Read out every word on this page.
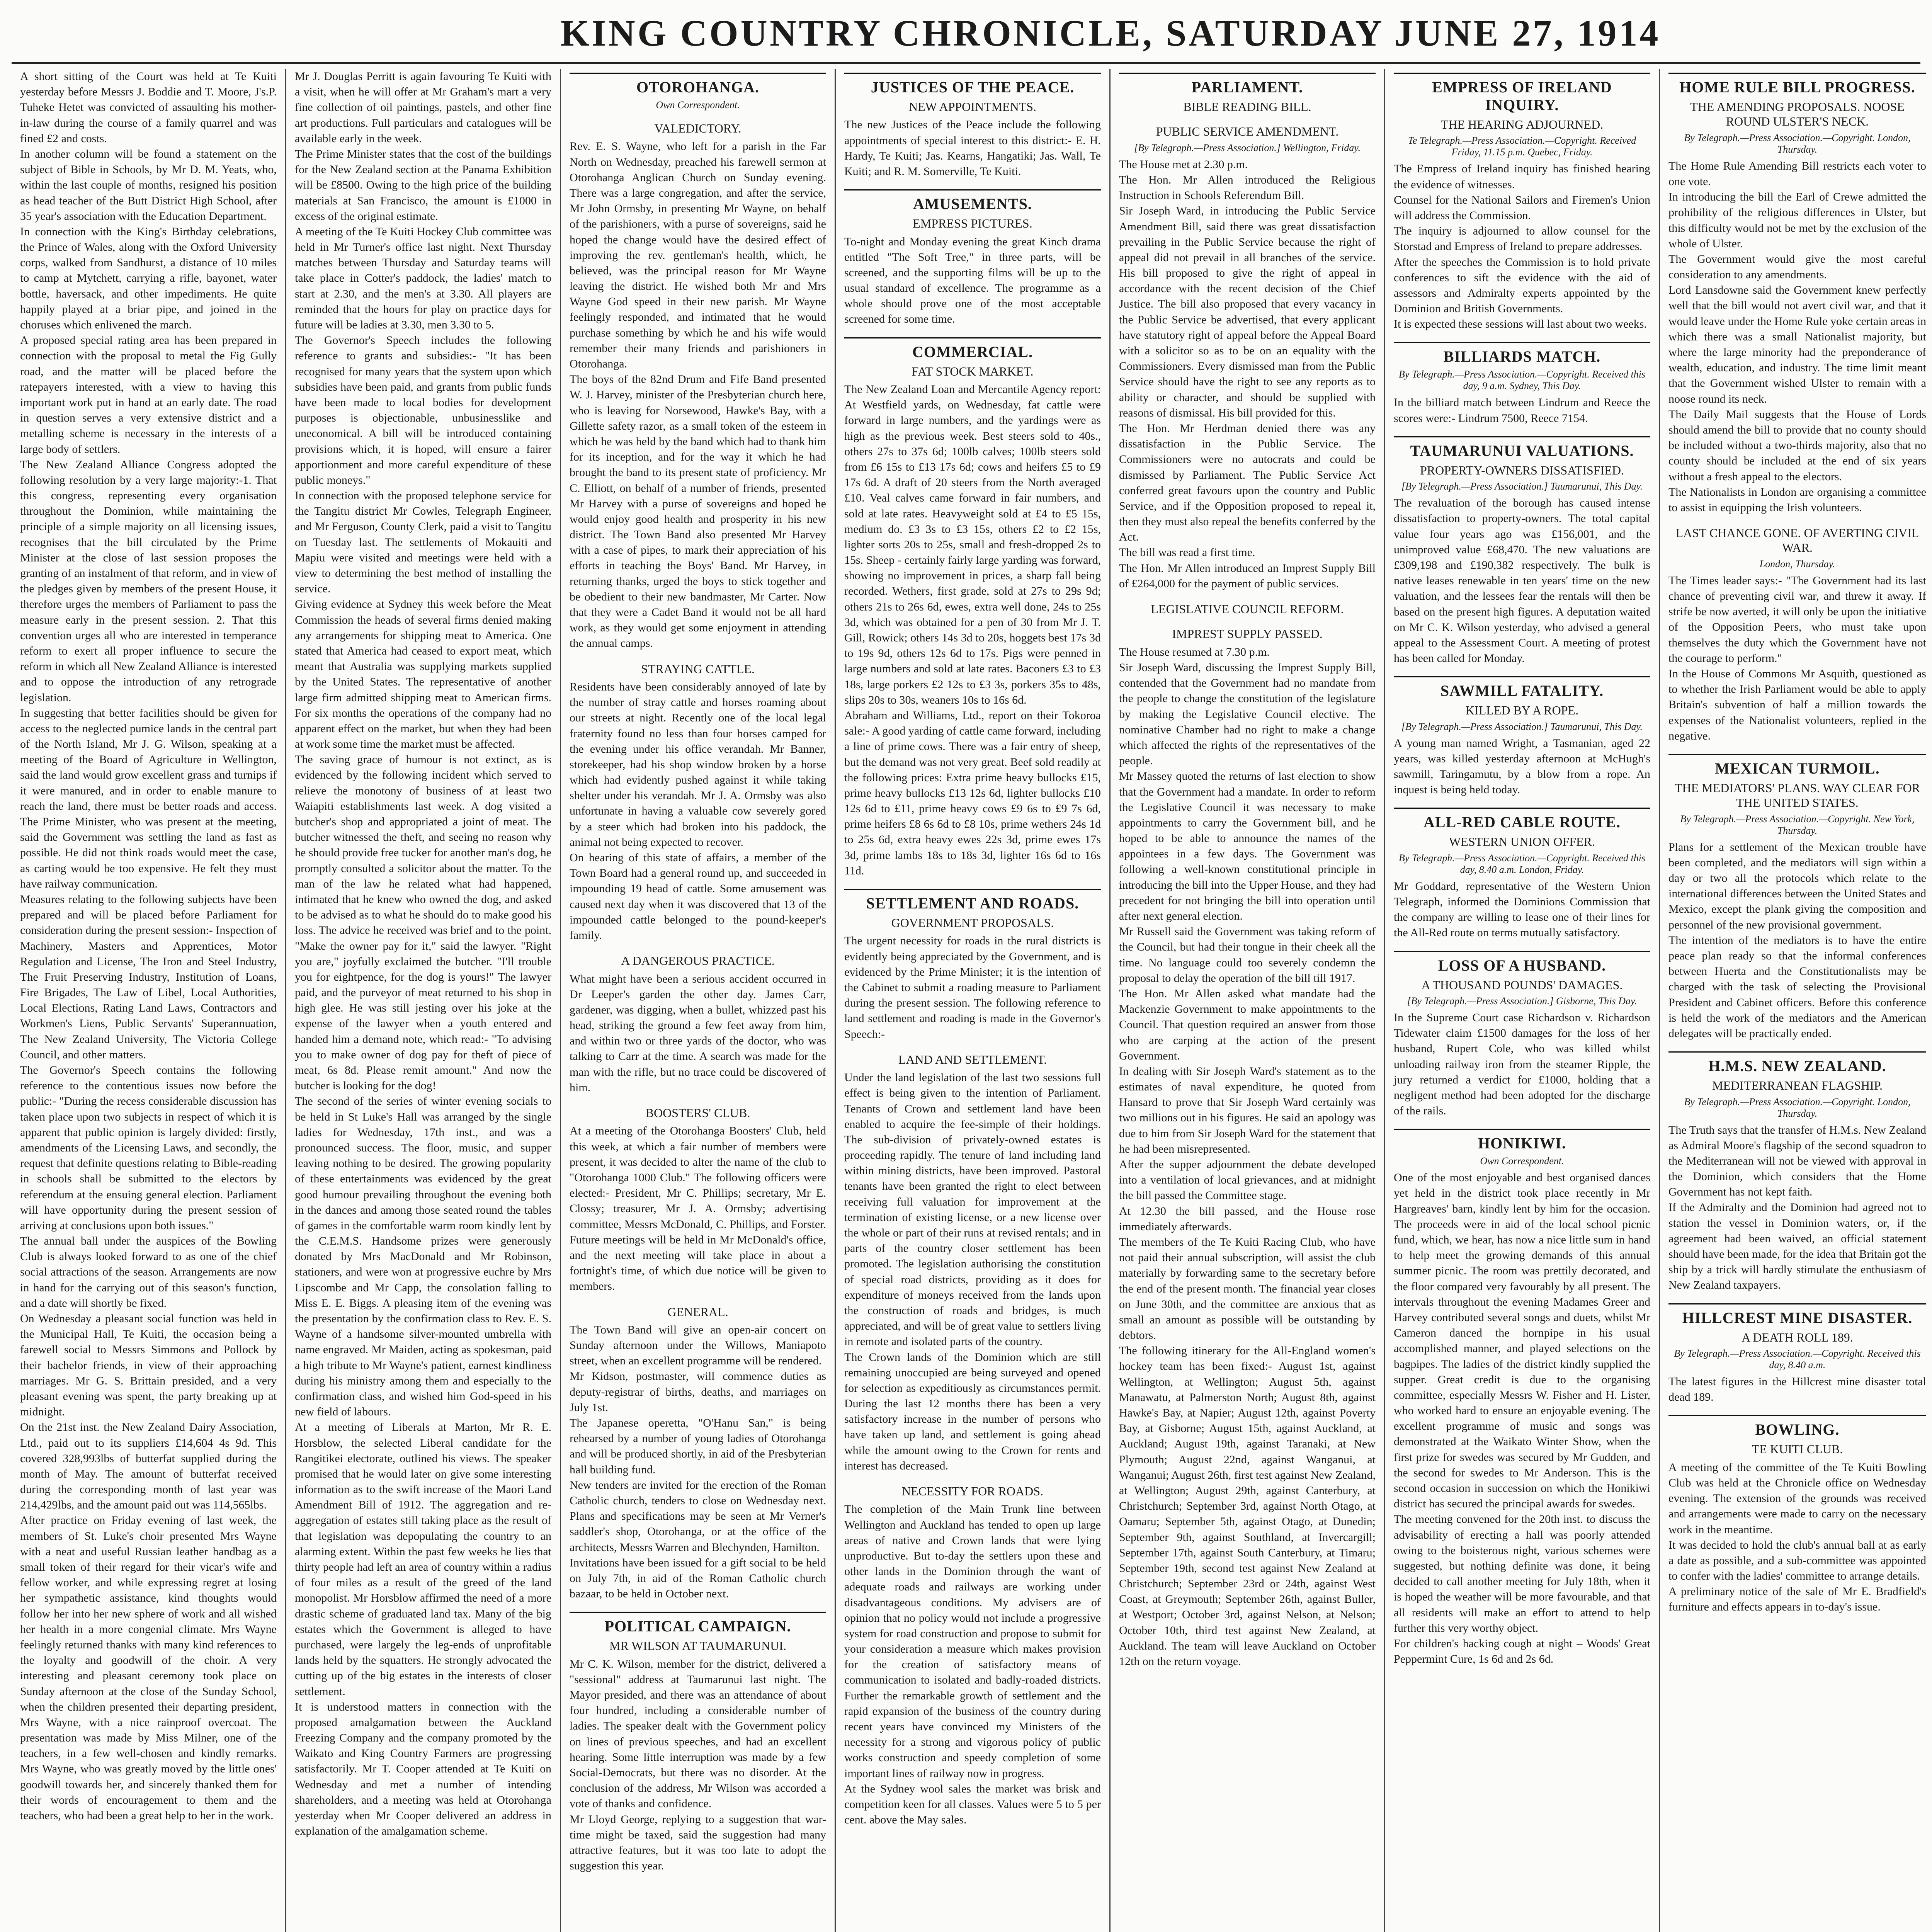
KING COUNTRY CHRONICLE, SATURDAY JUNE 27, 1914
A short sitting of the Court was held at Te Kuiti yesterday before Messrs J. Boddie and T. Moore, J's.P. Tuheke Hetet was convicted of assaulting his mother-in-law during the course of a family quarrel and was fined £2 and costs.
In another column will be found a statement on the subject of Bible in Schools, by Mr D. M. Yeats, who, within the last couple of months, resigned his position as head teacher of the Butt District High School, after 35 year's association with the Education Department.
In connection with the King's Birthday celebrations, the Prince of Wales, along with the Oxford University corps, walked from Sandhurst, a distance of 10 miles to camp at Mytchett, carrying a rifle, bayonet, water bottle, haversack, and other impediments. He quite happily played at a briar pipe, and joined in the choruses which enlivened the march.
A proposed special rating area has been prepared in connection with the proposal to metal the Fig Gully road, and the matter will be placed before the ratepayers interested, with a view to having this important work put in hand at an early date. The road in question serves a very extensive district and a metalling scheme is necessary in the interests of a large body of settlers.
The New Zealand Alliance Congress adopted the following resolution by a very large majority:-1. That this congress, representing every organisation throughout the Dominion, while maintaining the principle of a simple majority on all licensing issues, recognises that the bill circulated by the Prime Minister at the close of last session proposes the granting of an instalment of that reform, and in view of the pledges given by members of the present House, it therefore urges the members of Parliament to pass the measure early in the present session. 2. That this convention urges all who are interested in temperance reform to exert all proper influence to secure the reform in which all New Zealand Alliance is interested and to oppose the introduction of any retrograde legislation.
In suggesting that better facilities should be given for access to the neglected pumice lands in the central part of the North Island, Mr J. G. Wilson, speaking at a meeting of the Board of Agriculture in Wellington, said the land would grow excellent grass and turnips if it were manured, and in order to enable manure to reach the land, there must be better roads and access. The Prime Minister, who was present at the meeting, said the Government was settling the land as fast as possible. He did not think roads would meet the case, as carting would be too expensive. He felt they must have railway communication.
Measures relating to the following subjects have been prepared and will be placed before Parliament for consideration during the present session:- Inspection of Machinery, Masters and Apprentices, Motor Regulation and License, The Iron and Steel Industry, The Fruit Preserving Industry, Institution of Loans, Fire Brigades, The Law of Libel, Local Authorities, Local Elections, Rating Land Laws, Contractors and Workmen's Liens, Public Servants' Superannuation, The New Zealand University, The Victoria College Council, and other matters.
The Governor's Speech contains the following reference to the contentious issues now before the public:- "During the recess considerable discussion has taken place upon two subjects in respect of which it is apparent that public opinion is largely divided: firstly, amendments of the Licensing Laws, and secondly, the request that definite questions relating to Bible-reading in schools shall be submitted to the electors by referendum at the ensuing general election. Parliament will have opportunity during the present session of arriving at conclusions upon both issues."
The annual ball under the auspices of the Bowling Club is always looked forward to as one of the chief social attractions of the season. Arrangements are now in hand for the carrying out of this season's function, and a date will shortly be fixed.
On Wednesday a pleasant social function was held in the Municipal Hall, Te Kuiti, the occasion being a farewell social to Messrs Simmons and Pollock by their bachelor friends, in view of their approaching marriages. Mr G. S. Brittain presided, and a very pleasant evening was spent, the party breaking up at midnight.
On the 21st inst. the New Zealand Dairy Association, Ltd., paid out to its suppliers £14,604 4s 9d. This covered 328,993lbs of butterfat supplied during the month of May. The amount of butterfat received during the corresponding month of last year was 214,429lbs, and the amount paid out was 114,565lbs.
After practice on Friday evening of last week, the members of St. Luke's choir presented Mrs Wayne with a neat and useful Russian leather handbag as a small token of their regard for their vicar's wife and fellow worker, and while expressing regret at losing her sympathetic assistance, kind thoughts would follow her into her new sphere of work and all wished her health in a more congenial climate. Mrs Wayne feelingly returned thanks with many kind references to the loyalty and goodwill of the choir. A very interesting and pleasant ceremony took place on Sunday afternoon at the close of the Sunday School, when the children presented their departing president, Mrs Wayne, with a nice rainproof overcoat. The presentation was made by Miss Milner, one of the teachers, in a few well-chosen and kindly remarks. Mrs Wayne, who was greatly moved by the little ones' goodwill towards her, and sincerely thanked them for their words of encouragement to them and the teachers, who had been a great help to her in the work.
Mr J. Douglas Perritt is again favouring Te Kuiti with a visit, when he will offer at Mr Graham's mart a very fine collection of oil paintings, pastels, and other fine art productions. Full particulars and catalogues will be available early in the week.
The Prime Minister states that the cost of the buildings for the New Zealand section at the Panama Exhibition will be £8500. Owing to the high price of the building materials at San Francisco, the amount is £1000 in excess of the original estimate.
A meeting of the Te Kuiti Hockey Club committee was held in Mr Turner's office last night. Next Thursday matches between Thursday and Saturday teams will take place in Cotter's paddock, the ladies' match to start at 2.30, and the men's at 3.30. All players are reminded that the hours for play on practice days for future will be ladies at 3.30, men 3.30 to 5.
The Governor's Speech includes the following reference to grants and subsidies:- "It has been recognised for many years that the system upon which subsidies have been paid, and grants from public funds have been made to local bodies for development purposes is objectionable, unbusinesslike and uneconomical. A bill will be introduced containing provisions which, it is hoped, will ensure a fairer apportionment and more careful expenditure of these public moneys."
In connection with the proposed telephone service for the Tangitu district Mr Cowles, Telegraph Engineer, and Mr Ferguson, County Clerk, paid a visit to Tangitu on Tuesday last. The settlements of Mokauiti and Mapiu were visited and meetings were held with a view to determining the best method of installing the service.
Giving evidence at Sydney this week before the Meat Commission the heads of several firms denied making any arrangements for shipping meat to America. One stated that America had ceased to export meat, which meant that Australia was supplying markets supplied by the United States. The representative of another large firm admitted shipping meat to American firms. For six months the operations of the company had no apparent effect on the market, but when they had been at work some time the market must be affected.
The saving grace of humour is not extinct, as is evidenced by the following incident which served to relieve the monotony of business of at least two Waiapiti establishments last week. A dog visited a butcher's shop and appropriated a joint of meat. The butcher witnessed the theft, and seeing no reason why he should provide free tucker for another man's dog, he promptly consulted a solicitor about the matter. To the man of the law he related what had happened, intimated that he knew who owned the dog, and asked to be advised as to what he should do to make good his loss. The advice he received was brief and to the point. "Make the owner pay for it," said the lawyer. "Right you are," joyfully exclaimed the butcher. "I'll trouble you for eightpence, for the dog is yours!" The lawyer paid, and the purveyor of meat returned to his shop in high glee. He was still jesting over his joke at the expense of the lawyer when a youth entered and handed him a demand note, which read:- "To advising you to make owner of dog pay for theft of piece of meat, 6s 8d. Please remit amount." And now the butcher is looking for the dog!
The second of the series of winter evening socials to be held in St Luke's Hall was arranged by the single ladies for Wednesday, 17th inst., and was a pronounced success. The floor, music, and supper leaving nothing to be desired. The growing popularity of these entertainments was evidenced by the great good humour prevailing throughout the evening both in the dances and among those seated round the tables of games in the comfortable warm room kindly lent by the C.E.M.S. Handsome prizes were generously donated by Mrs MacDonald and Mr Robinson, stationers, and were won at progressive euchre by Mrs Lipscombe and Mr Capp, the consolation falling to Miss E. E. Biggs. A pleasing item of the evening was the presentation by the confirmation class to Rev. E. S. Wayne of a handsome silver-mounted umbrella with name engraved. Mr Maiden, acting as spokesman, paid a high tribute to Mr Wayne's patient, earnest kindliness during his ministry among them and especially to the confirmation class, and wished him God-speed in his new field of labours.
At a meeting of Liberals at Marton, Mr R. E. Horsblow, the selected Liberal candidate for the Rangitikei electorate, outlined his views. The speaker promised that he would later on give some interesting information as to the swift increase of the Maori Land Amendment Bill of 1912. The aggregation and re-aggregation of estates still taking place as the result of that legislation was depopulating the country to an alarming extent. Within the past few weeks he lies that thirty people had left an area of country within a radius of four miles as a result of the greed of the land monopolist. Mr Horsblow affirmed the need of a more drastic scheme of graduated land tax. Many of the big estates which the Government is alleged to have purchased, were largely the leg-ends of unprofitable lands held by the squatters. He strongly advocated the cutting up of the big estates in the interests of closer settlement.
It is understood matters in connection with the proposed amalgamation between the Auckland Freezing Company and the company promoted by the Waikato and King Country Farmers are progressing satisfactorily. Mr T. Cooper attended at Te Kuiti on Wednesday and met a number of intending shareholders, and a meeting was held at Otorohanga yesterday when Mr Cooper delivered an address in explanation of the amalgamation scheme.
OTOROHANGA.
Own Correspondent.
VALEDICTORY.
Rev. E. S. Wayne, who left for a parish in the Far North on Wednesday, preached his farewell sermon at Otorohanga Anglican Church on Sunday evening. There was a large congregation, and after the service, Mr John Ormsby, in presenting Mr Wayne, on behalf of the parishioners, with a purse of sovereigns, said he hoped the change would have the desired effect of improving the rev. gentleman's health, which, he believed, was the principal reason for Mr Wayne leaving the district. He wished both Mr and Mrs Wayne God speed in their new parish. Mr Wayne feelingly responded, and intimated that he would purchase something by which he and his wife would remember their many friends and parishioners in Otorohanga.
The boys of the 82nd Drum and Fife Band presented W. J. Harvey, minister of the Presbyterian church here, who is leaving for Norsewood, Hawke's Bay, with a Gillette safety razor, as a small token of the esteem in which he was held by the band which had to thank him for its inception, and for the way it which he had brought the band to its present state of proficiency. Mr C. Elliott, on behalf of a number of friends, presented Mr Harvey with a purse of sovereigns and hoped he would enjoy good health and prosperity in his new district. The Town Band also presented Mr Harvey with a case of pipes, to mark their appreciation of his efforts in teaching the Boys' Band. Mr Harvey, in returning thanks, urged the boys to stick together and be obedient to their new bandmaster, Mr Carter. Now that they were a Cadet Band it would not be all hard work, as they would get some enjoyment in attending the annual camps.
STRAYING CATTLE.
Residents have been considerably annoyed of late by the number of stray cattle and horses roaming about our streets at night. Recently one of the local legal fraternity found no less than four horses camped for the evening under his office verandah. Mr Banner, storekeeper, had his shop window broken by a horse which had evidently pushed against it while taking shelter under his verandah. Mr J. A. Ormsby was also unfortunate in having a valuable cow severely gored by a steer which had broken into his paddock, the animal not being expected to recover.
On hearing of this state of affairs, a member of the Town Board had a general round up, and succeeded in impounding 19 head of cattle. Some amusement was caused next day when it was discovered that 13 of the impounded cattle belonged to the pound-keeper's family.
A DANGEROUS PRACTICE.
What might have been a serious accident occurred in Dr Leeper's garden the other day. James Carr, gardener, was digging, when a bullet, whizzed past his head, striking the ground a few feet away from him, and within two or three yards of the doctor, who was talking to Carr at the time. A search was made for the man with the rifle, but no trace could be discovered of him.
BOOSTERS' CLUB.
At a meeting of the Otorohanga Boosters' Club, held this week, at which a fair number of members were present, it was decided to alter the name of the club to "Otorohanga 1000 Club." The following officers were elected:- President, Mr C. Phillips; secretary, Mr E. Clossy; treasurer, Mr J. A. Ormsby; advertising committee, Messrs McDonald, C. Phillips, and Forster. Future meetings will be held in Mr McDonald's office, and the next meeting will take place in about a fortnight's time, of which due notice will be given to members.
GENERAL.
The Town Band will give an open-air concert on Sunday afternoon under the Willows, Maniapoto street, when an excellent programme will be rendered.
Mr Kidson, postmaster, will commence duties as deputy-registrar of births, deaths, and marriages on July 1st.
The Japanese operetta, "O'Hanu San," is being rehearsed by a number of young ladies of Otorohanga and will be produced shortly, in aid of the Presbyterian hall building fund.
New tenders are invited for the erection of the Roman Catholic church, tenders to close on Wednesday next. Plans and specifications may be seen at Mr Verner's saddler's shop, Otorohanga, or at the office of the architects, Messrs Warren and Blechynden, Hamilton.
Invitations have been issued for a gift social to be held on July 7th, in aid of the Roman Catholic church bazaar, to be held in October next.
POLITICAL CAMPAIGN.
MR WILSON AT TAUMARUNUI.
Mr C. K. Wilson, member for the district, delivered a "sessional" address at Taumarunui last night. The Mayor presided, and there was an attendance of about four hundred, including a considerable number of ladies. The speaker dealt with the Government policy on lines of previous speeches, and had an excellent hearing. Some little interruption was made by a few Social-Democrats, but there was no disorder. At the conclusion of the address, Mr Wilson was accorded a vote of thanks and confidence.
Mr Lloyd George, replying to a suggestion that war-time might be taxed, said the suggestion had many attractive features, but it was too late to adopt the suggestion this year.
JUSTICES OF THE PEACE.
NEW APPOINTMENTS.
The new Justices of the Peace include the following appointments of special interest to this district:- E. H. Hardy, Te Kuiti; Jas. Kearns, Hangatiki; Jas. Wall, Te Kuiti; and R. M. Somerville, Te Kuiti.
AMUSEMENTS.
EMPRESS PICTURES.
To-night and Monday evening the great Kinch drama entitled "The Soft Tree," in three parts, will be screened, and the supporting films will be up to the usual standard of excellence. The programme as a whole should prove one of the most acceptable screened for some time.
COMMERCIAL.
FAT STOCK MARKET.
The New Zealand Loan and Mercantile Agency report: At Westfield yards, on Wednesday, fat cattle were forward in large numbers, and the yardings were as high as the previous week. Best steers sold to 40s., others 27s to 37s 6d; 100lb calves; 100lb steers sold from £6 15s to £13 17s 6d; cows and heifers £5 to £9 17s 6d. A draft of 20 steers from the North averaged £10. Veal calves came forward in fair numbers, and sold at late rates. Heavyweight sold at £4 to £5 15s, medium do. £3 3s to £3 15s, others £2 to £2 15s, lighter sorts 20s to 25s, small and fresh-dropped 2s to 15s. Sheep - certainly fairly large yarding was forward, showing no improvement in prices, a sharp fall being recorded. Wethers, first grade, sold at 27s to 29s 9d; others 21s to 26s 6d, ewes, extra well done, 24s to 25s 3d, which was obtained for a pen of 30 from Mr J. T. Gill, Rowick; others 14s 3d to 20s, hoggets best 17s 3d to 19s 9d, others 12s 6d to 17s. Pigs were penned in large numbers and sold at late rates. Baconers £3 to £3 18s, large porkers £2 12s to £3 3s, porkers 35s to 48s, slips 20s to 30s, weaners 10s to 16s 6d.
Abraham and Williams, Ltd., report on their Tokoroa sale:- A good yarding of cattle came forward, including a line of prime cows. There was a fair entry of sheep, but the demand was not very great. Beef sold readily at the following prices: Extra prime heavy bullocks £15, prime heavy bullocks £13 12s 6d, lighter bullocks £10 12s 6d to £11, prime heavy cows £9 6s to £9 7s 6d, prime heifers £8 6s 6d to £8 10s, prime wethers 24s 1d to 25s 6d, extra heavy ewes 22s 3d, prime ewes 17s 3d, prime lambs 18s to 18s 3d, lighter 16s 6d to 16s 11d.
SETTLEMENT AND ROADS.
GOVERNMENT PROPOSALS.
The urgent necessity for roads in the rural districts is evidently being appreciated by the Government, and is evidenced by the Prime Minister; it is the intention of the Cabinet to submit a roading measure to Parliament during the present session. The following reference to land settlement and roading is made in the Governor's Speech:-
LAND AND SETTLEMENT.
Under the land legislation of the last two sessions full effect is being given to the intention of Parliament. Tenants of Crown and settlement land have been enabled to acquire the fee-simple of their holdings. The sub-division of privately-owned estates is proceeding rapidly. The tenure of land including land within mining districts, have been improved. Pastoral tenants have been granted the right to elect between receiving full valuation for improvement at the termination of existing license, or a new license over the whole or part of their runs at revised rentals; and in parts of the country closer settlement has been promoted. The legislation authorising the constitution of special road districts, providing as it does for expenditure of moneys received from the lands upon the construction of roads and bridges, is much appreciated, and will be of great value to settlers living in remote and isolated parts of the country.
The Crown lands of the Dominion which are still remaining unoccupied are being surveyed and opened for selection as expeditiously as circumstances permit. During the last 12 months there has been a very satisfactory increase in the number of persons who have taken up land, and settlement is going ahead while the amount owing to the Crown for rents and interest has decreased.
NECESSITY FOR ROADS.
The completion of the Main Trunk line between Wellington and Auckland has tended to open up large areas of native and Crown lands that were lying unproductive. But to-day the settlers upon these and other lands in the Dominion through the want of adequate roads and railways are working under disadvantageous conditions. My advisers are of opinion that no policy would not include a progressive system for road construction and propose to submit for your consideration a measure which makes provision for the creation of satisfactory means of communication to isolated and badly-roaded districts. Further the remarkable growth of settlement and the rapid expansion of the business of the country during recent years have convinced my Ministers of the necessity for a strong and vigorous policy of public works construction and speedy completion of some important lines of railway now in progress.
At the Sydney wool sales the market was brisk and competition keen for all classes. Values were 5 to 5 per cent. above the May sales.
PARLIAMENT.
BIBLE READING BILL.
PUBLIC SERVICE AMENDMENT.
[By Telegraph.—Press Association.] Wellington, Friday.
The House met at 2.30 p.m.
The Hon. Mr Allen introduced the Religious Instruction in Schools Referendum Bill.
Sir Joseph Ward, in introducing the Public Service Amendment Bill, said there was great dissatisfaction prevailing in the Public Service because the right of appeal did not prevail in all branches of the service. His bill proposed to give the right of appeal in accordance with the recent decision of the Chief Justice. The bill also proposed that every vacancy in the Public Service be advertised, that every applicant have statutory right of appeal before the Appeal Board with a solicitor so as to be on an equality with the Commissioners. Every dismissed man from the Public Service should have the right to see any reports as to ability or character, and should be supplied with reasons of dismissal. His bill provided for this.
The Hon. Mr Herdman denied there was any dissatisfaction in the Public Service. The Commissioners were no autocrats and could be dismissed by Parliament. The Public Service Act conferred great favours upon the country and Public Service, and if the Opposition proposed to repeal it, then they must also repeal the benefits conferred by the Act.
The bill was read a first time.
The Hon. Mr Allen introduced an Imprest Supply Bill of £264,000 for the payment of public services.
LEGISLATIVE COUNCIL REFORM.
IMPREST SUPPLY PASSED.
The House resumed at 7.30 p.m.
Sir Joseph Ward, discussing the Imprest Supply Bill, contended that the Government had no mandate from the people to change the constitution of the legislature by making the Legislative Council elective. The nominative Chamber had no right to make a change which affected the rights of the representatives of the people.
Mr Massey quoted the returns of last election to show that the Government had a mandate. In order to reform the Legislative Council it was necessary to make appointments to carry the Government bill, and he hoped to be able to announce the names of the appointees in a few days. The Government was following a well-known constitutional principle in introducing the bill into the Upper House, and they had precedent for not bringing the bill into operation until after next general election.
Mr Russell said the Government was taking reform of the Council, but had their tongue in their cheek all the time. No language could too severely condemn the proposal to delay the operation of the bill till 1917.
The Hon. Mr Allen asked what mandate had the Mackenzie Government to make appointments to the Council. That question required an answer from those who are carping at the action of the present Government.
In dealing with Sir Joseph Ward's statement as to the estimates of naval expenditure, he quoted from Hansard to prove that Sir Joseph Ward certainly was two millions out in his figures. He said an apology was due to him from Sir Joseph Ward for the statement that he had been misrepresented.
After the supper adjournment the debate developed into a ventilation of local grievances, and at midnight the bill passed the Committee stage.
At 12.30 the bill passed, and the House rose immediately afterwards.
The members of the Te Kuiti Racing Club, who have not paid their annual subscription, will assist the club materially by forwarding same to the secretary before the end of the present month. The financial year closes on June 30th, and the committee are anxious that as small an amount as possible will be outstanding by debtors.
The following itinerary for the All-England women's hockey team has been fixed:- August 1st, against Wellington, at Wellington; August 5th, against Manawatu, at Palmerston North; August 8th, against Hawke's Bay, at Napier; August 12th, against Poverty Bay, at Gisborne; August 15th, against Auckland, at Auckland; August 19th, against Taranaki, at New Plymouth; August 22nd, against Wanganui, at Wanganui; August 26th, first test against New Zealand, at Wellington; August 29th, against Canterbury, at Christchurch; September 3rd, against North Otago, at Oamaru; September 5th, against Otago, at Dunedin; September 9th, against Southland, at Invercargill; September 17th, against South Canterbury, at Timaru; September 19th, second test against New Zealand at Christchurch; September 23rd or 24th, against West Coast, at Greymouth; September 26th, against Buller, at Westport; October 3rd, against Nelson, at Nelson; October 10th, third test against New Zealand, at Auckland. The team will leave Auckland on October 12th on the return voyage.
EMPRESS OF IRELAND INQUIRY.
THE HEARING ADJOURNED.
Te Telegraph.—Press Association.—Copyright. Received Friday, 11.15 p.m. Quebec, Friday.
The Empress of Ireland inquiry has finished hearing the evidence of witnesses.
Counsel for the National Sailors and Firemen's Union will address the Commission.
The inquiry is adjourned to allow counsel for the Storstad and Empress of Ireland to prepare addresses.
After the speeches the Commission is to hold private conferences to sift the evidence with the aid of assessors and Admiralty experts appointed by the Dominion and British Governments.
It is expected these sessions will last about two weeks.
BILLIARDS MATCH.
By Telegraph.—Press Association.—Copyright. Received this day, 9 a.m. Sydney, This Day.
In the billiard match between Lindrum and Reece the scores were:- Lindrum 7500, Reece 7154.
TAUMARUNUI VALUATIONS.
PROPERTY-OWNERS DISSATISFIED.
[By Telegraph.—Press Association.] Taumarunui, This Day.
The revaluation of the borough has caused intense dissatisfaction to property-owners. The total capital value four years ago was £156,001, and the unimproved value £68,470. The new valuations are £309,198 and £190,382 respectively. The bulk is native leases renewable in ten years' time on the new valuation, and the lessees fear the rentals will then be based on the present high figures. A deputation waited on Mr C. K. Wilson yesterday, who advised a general appeal to the Assessment Court. A meeting of protest has been called for Monday.
SAWMILL FATALITY.
KILLED BY A ROPE.
[By Telegraph.—Press Association.] Taumarunui, This Day.
A young man named Wright, a Tasmanian, aged 22 years, was killed yesterday afternoon at McHugh's sawmill, Taringamutu, by a blow from a rope. An inquest is being held today.
ALL-RED CABLE ROUTE.
WESTERN UNION OFFER.
By Telegraph.—Press Association.—Copyright. Received this day, 8.40 a.m. London, Friday.
Mr Goddard, representative of the Western Union Telegraph, informed the Dominions Commission that the company are willing to lease one of their lines for the All-Red route on terms mutually satisfactory.
LOSS OF A HUSBAND.
A THOUSAND POUNDS' DAMAGES.
[By Telegraph.—Press Association.] Gisborne, This Day.
In the Supreme Court case Richardson v. Richardson Tidewater claim £1500 damages for the loss of her husband, Rupert Cole, who was killed whilst unloading railway iron from the steamer Ripple, the jury returned a verdict for £1000, holding that a negligent method had been adopted for the discharge of the rails.
HONIKIWI.
Own Correspondent.
One of the most enjoyable and best organised dances yet held in the district took place recently in Mr Hargreaves' barn, kindly lent by him for the occasion. The proceeds were in aid of the local school picnic fund, which, we hear, has now a nice little sum in hand to help meet the growing demands of this annual summer picnic. The room was prettily decorated, and the floor compared very favourably by all present. The intervals throughout the evening Madames Greer and Harvey contributed several songs and duets, whilst Mr Cameron danced the hornpipe in his usual accomplished manner, and played selections on the bagpipes. The ladies of the district kindly supplied the supper. Great credit is due to the organising committee, especially Messrs W. Fisher and H. Lister, who worked hard to ensure an enjoyable evening. The excellent programme of music and songs was demonstrated at the Waikato Winter Show, when the first prize for swedes was secured by Mr Gudden, and the second for swedes to Mr Anderson. This is the second occasion in succession on which the Honikiwi district has secured the principal awards for swedes.
The meeting convened for the 20th inst. to discuss the advisability of erecting a hall was poorly attended owing to the boisterous night, various schemes were suggested, but nothing definite was done, it being decided to call another meeting for July 18th, when it is hoped the weather will be more favourable, and that all residents will make an effort to attend to help further this very worthy object.
For children's hacking cough at night – Woods' Great Peppermint Cure, 1s 6d and 2s 6d.
HOME RULE BILL PROGRESS.
THE AMENDING PROPOSALS. NOOSE ROUND ULSTER'S NECK.
By Telegraph.—Press Association.—Copyright. London, Thursday.
The Home Rule Amending Bill restricts each voter to one vote.
In introducing the bill the Earl of Crewe admitted the prohibility of the religious differences in Ulster, but this difficulty would not be met by the exclusion of the whole of Ulster.
The Government would give the most careful consideration to any amendments.
Lord Lansdowne said the Government knew perfectly well that the bill would not avert civil war, and that it would leave under the Home Rule yoke certain areas in which there was a small Nationalist majority, but where the large minority had the preponderance of wealth, education, and industry. The time limit meant that the Government wished Ulster to remain with a noose round its neck.
The Daily Mail suggests that the House of Lords should amend the bill to provide that no county should be included without a two-thirds majority, also that no county should be included at the end of six years without a fresh appeal to the electors.
The Nationalists in London are organising a committee to assist in equipping the Irish volunteers.
LAST CHANCE GONE. OF AVERTING CIVIL WAR.
London, Thursday.
The Times leader says:- "The Government had its last chance of preventing civil war, and threw it away. If strife be now averted, it will only be upon the initiative of the Opposition Peers, who must take upon themselves the duty which the Government have not the courage to perform."
In the House of Commons Mr Asquith, questioned as to whether the Irish Parliament would be able to apply Britain's subvention of half a million towards the expenses of the Nationalist volunteers, replied in the negative.
MEXICAN TURMOIL.
THE MEDIATORS' PLANS. WAY CLEAR FOR THE UNITED STATES.
By Telegraph.—Press Association.—Copyright. New York, Thursday.
Plans for a settlement of the Mexican trouble have been completed, and the mediators will sign within a day or two all the protocols which relate to the international differences between the United States and Mexico, except the plank giving the composition and personnel of the new provisional government.
The intention of the mediators is to have the entire peace plan ready so that the informal conferences between Huerta and the Constitutionalists may be charged with the task of selecting the Provisional President and Cabinet officers. Before this conference is held the work of the mediators and the American delegates will be practically ended.
H.M.S. NEW ZEALAND.
MEDITERRANEAN FLAGSHIP.
By Telegraph.—Press Association.—Copyright. London, Thursday.
The Truth says that the transfer of H.M.s. New Zealand as Admiral Moore's flagship of the second squadron to the Mediterranean will not be viewed with approval in the Dominion, which considers that the Home Government has not kept faith.
If the Admiralty and the Dominion had agreed not to station the vessel in Dominion waters, or, if the agreement had been waived, an official statement should have been made, for the idea that Britain got the ship by a trick will hardly stimulate the enthusiasm of New Zealand taxpayers.
HILLCREST MINE DISASTER.
A DEATH ROLL 189.
By Telegraph.—Press Association.—Copyright. Received this day, 8.40 a.m.
The latest figures in the Hillcrest mine disaster total dead 189.
BOWLING.
TE KUITI CLUB.
A meeting of the committee of the Te Kuiti Bowling Club was held at the Chronicle office on Wednesday evening. The extension of the grounds was received and arrangements were made to carry on the necessary work in the meantime.
It was decided to hold the club's annual ball at as early a date as possible, and a sub-committee was appointed to confer with the ladies' committee to arrange details.
A preliminary notice of the sale of Mr E. Bradfield's furniture and effects appears in to-day's issue.
